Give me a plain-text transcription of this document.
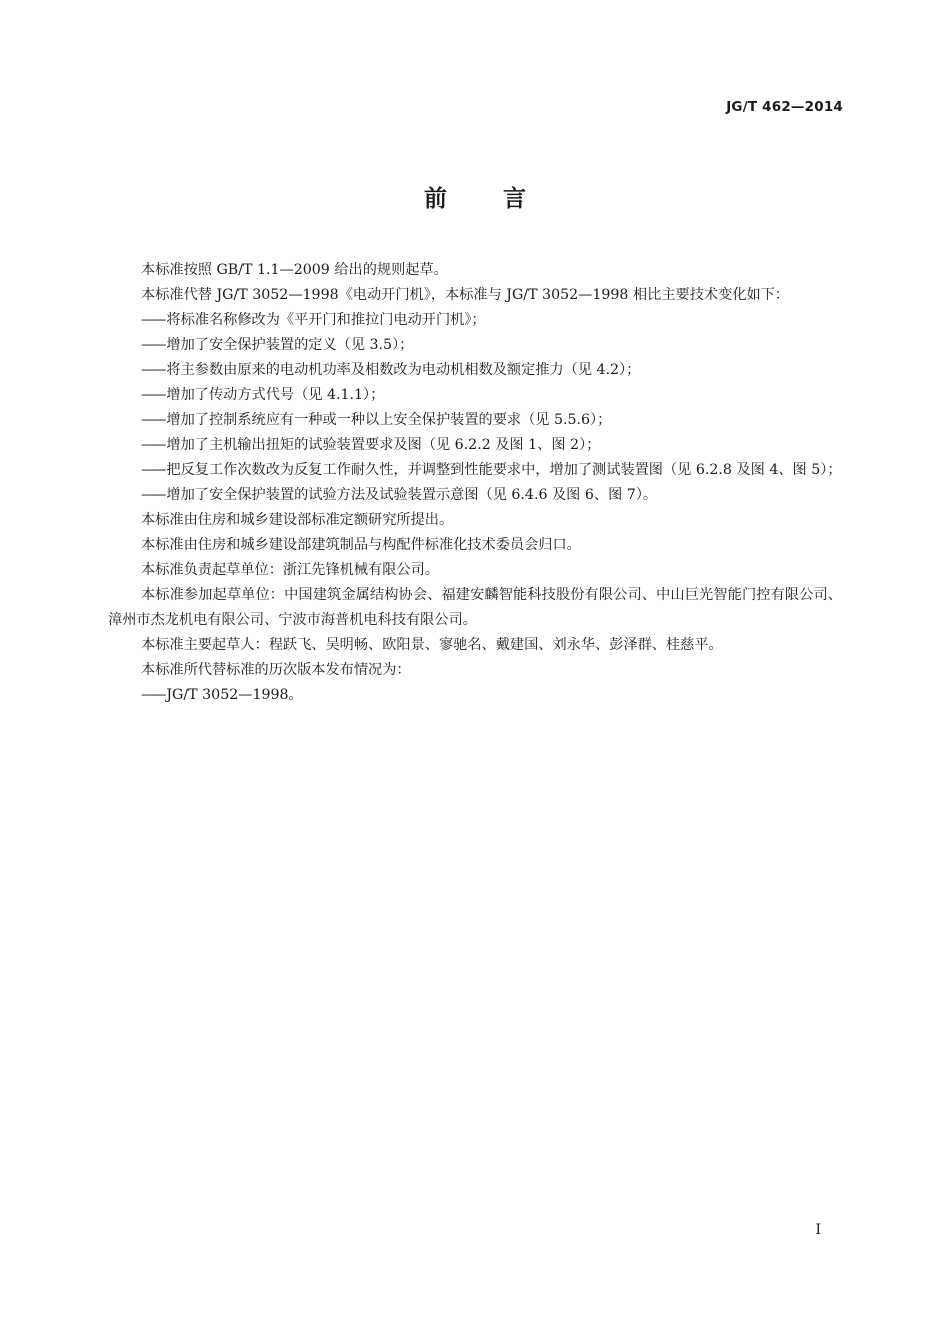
JG/T 462—2014
前言

本标准按照 GB/T 1.1—2009 给出的规则起草。

本标准代替 JG/T 3052—1998《电动开门机》，本标准与 JG/T 3052—1998 相比主要技术变化如下：

—— 将标准名称修改为《平开门和推拉门电动开门机》；

—— 增加了安全保护装置的定义（见 3.5）；

—— 将主参数由原来的电动机功率及相数改为电动机相数及额定推力（见 4.2）；

—— 增加了传动方式代号（见 4.1.1）；

—— 增加了控制系统应有一种或一种以上安全保护装置的要求（见 5.5.6）；

—— 增加了主机输出扭矩的试验装置要求及图（见 6.2.2 及图 1、图 2）；

—— 把反复工作次数改为反复工作耐久性，并调整到性能要求中，增加了测试装置图（见 6.2.8 及图 4、图 5）；

—— 增加了安全保护装置的试验方法及试验装置示意图（见 6.4.6 及图 6、图 7）。

本标准由住房和城乡建设部标准定额研究所提出。

本标准由住房和城乡建设部建筑制品与构配件标准化技术委员会归口。

本标准负责起草单位：浙江先锋机械有限公司。

本标准参加起草单位：中国建筑金属结构协会、福建安麟智能科技股份有限公司、中山巨光智能门控有限公司、漳州市杰龙机电有限公司、宁波市海普机电科技有限公司。

本标准主要起草人：程跃飞、吴明畅、欧阳景、寥驰名、戴建国、刘永华、彭泽群、桂慈平。

本标准所代替标准的历次版本发布情况为：

—— JG/T 3052—1998。

I
